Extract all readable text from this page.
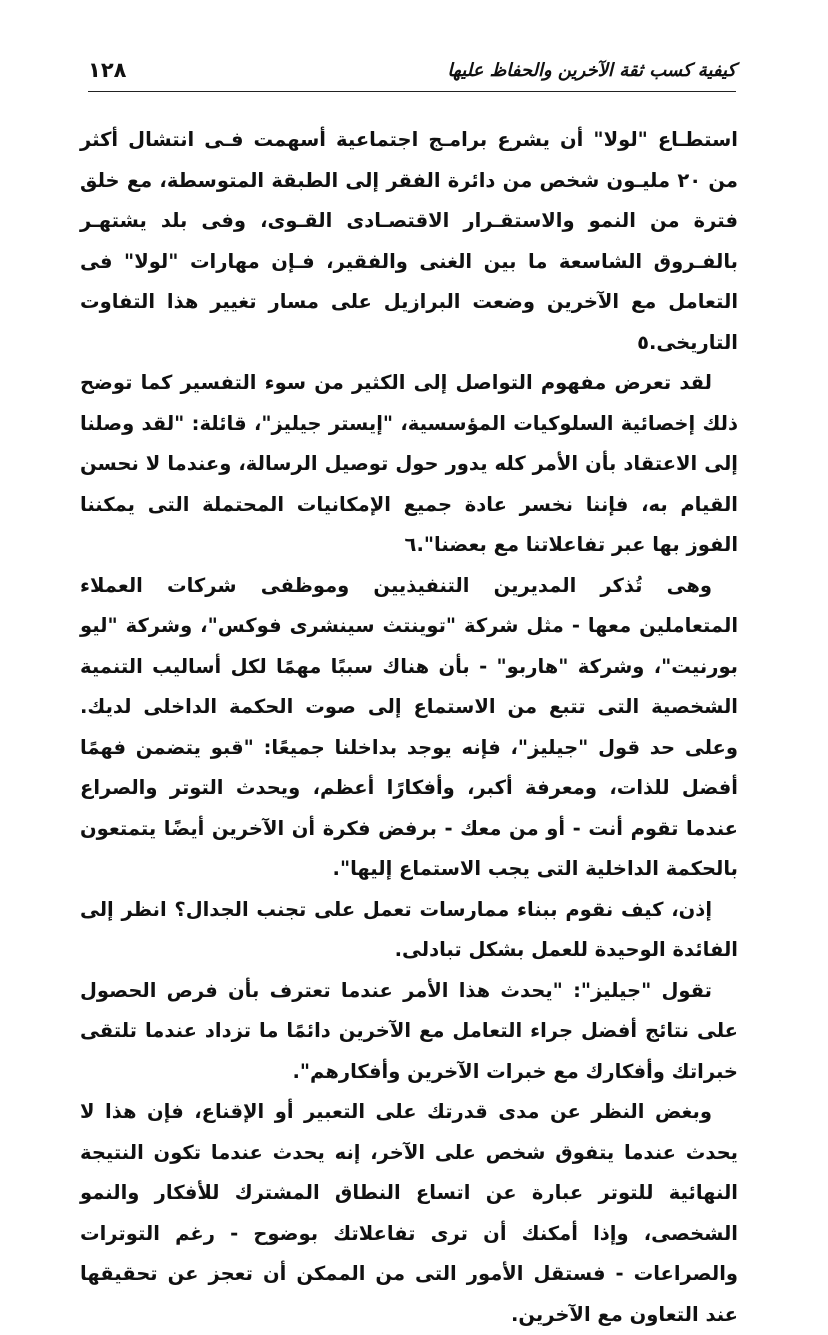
١٢٨	كيفية كسب ثقة الآخرين والحفاظ عليها

استطـاع "لولا" أن يشرع برامـج اجتماعية أسهمت فـى انتشال أكثر من ٢٠ مليـون شخص من دائرة الفقر إلى الطبقة المتوسطة، مع خلق فترة من النمو والاستقـرار الاقتصـادى القـوى، وفى بلد يشتهـر بالفـروق الشاسعة ما بين الغنى والفقير، فـإن مهارات "لولا" فى التعامل مع الآخرين وضعت البرازيل على مسار تغيير هذا التفاوت التاريخى.٥

لقد تعرض مفهوم التواصل إلى الكثير من سوء التفسير كما توضح ذلك إخصائية السلوكيات المؤسسية، "إيستر جيليز"، قائلة: "لقد وصلنا إلى الاعتقاد بأن الأمر كله يدور حول توصيل الرسالة، وعندما لا نحسن القيام به، فإننا نخسر عادة جميع الإمكانيات المحتملة التى يمكننا الفوز بها عبر تفاعلاتنا مع بعضنا".٦

وهى تُذكر المديرين التنفيذيين وموظفى شركات العملاء المتعاملين معها - مثل شركة "توينتث سينشرى فوكس"، وشركة "ليو بورنيت"، وشركة "هاربو" - بأن هناك سببًا مهمًا لكل أساليب التنمية الشخصية التى تتبع من الاستماع إلى صوت الحكمة الداخلى لديك. وعلى حد قول "جيليز"، فإنه يوجد بداخلنا جميعًا: "قبو يتضمن فهمًا أفضل للذات، ومعرفة أكبر، وأفكارًا أعظم، ويحدث التوتر والصراع عندما تقوم أنت - أو من معك - برفض فكرة أن الآخرين أيضًا يتمتعون بالحكمة الداخلية التى يجب الاستماع إليها".

إذن، كيف نقوم ببناء ممارسات تعمل على تجنب الجدال؟ انظر إلى الفائدة الوحيدة للعمل بشكل تبادلى.

تقول "جيليز": "يحدث هذا الأمر عندما تعترف بأن فرص الحصول على نتائج أفضل جراء التعامل مع الآخرين دائمًا ما تزداد عندما تلتقى خبراتك وأفكارك مع خبرات الآخرين وأفكارهم".

وبغض النظر عن مدى قدرتك على التعبير أو الإقناع، فإن هذا لا يحدث عندما يتفوق شخص على الآخر، إنه يحدث عندما تكون النتيجة النهائية للتوتر عبارة عن اتساع النطاق المشترك للأفكار والنمو الشخصى، وإذا أمكنك أن ترى تفاعلاتك بوضوح - رغم التوترات والصراعات - فستقل الأمور التى من الممكن أن تعجز عن تحقيقها عند التعاون مع الآخرين.
